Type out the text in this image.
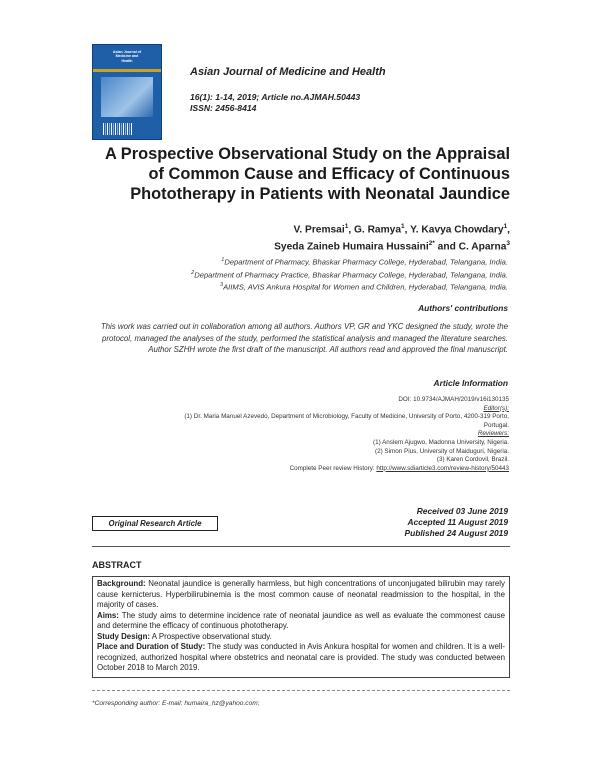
Asian Journal of
Medicine and
Health
Asian Journal of Medicine and Health
16(1): 1-14, 2019; Article no.AJMAH.50443
ISSN: 2456-8414
A Prospective Observational Study on the Appraisal
of Common Cause and Efficacy of Continuous
Phototherapy in Patients with Neonatal Jaundice
V. Premsai$^1$, G. Ramya$^1$, Y. Kavya Chowdary$^1$,
Syeda Zaineb Humaira Hussaini$^{2*}$ and C. Aparna$^3$
$^1$Department of Pharmacy, Bhaskar Pharmacy College, Hyderabad, Telangana, India.
$^2$Department of Pharmacy Practice, Bhaskar Pharmacy College, Hyderabad, Telangana, India.
$^3$AIIMS, AVIS Ankura Hospital for Women and Children, Hyderabad, Telangana, India.
Authors' contributions
This work was carried out in collaboration among all authors. Authors VP, GR and YKC designed the study, wrote the protocol, managed the analyses of the study, performed the statistical analysis and managed the literature searches. Author SZHH wrote the first draft of the manuscript. All authors read and approved the final manuscript.
Article Information
DOI: 10.9734/AJMAH/2019/v16i130135
Editor(s):
(1) Dr. Maria Manuel Azevedo, Department of Microbiology, Faculty of Medicine, University of Porto, 4200-319 Porto,
Portugal.
Reviewers:
(1) Anslem Ajugwo, Madonna University, Nigeria.
(2) Simon Pius, University of Maiduguri, Nigeria.
(3) Karen Cordovil, Brazil.
Complete Peer review History: http://www.sdiarticle3.com/review-history/50443
Received 03 June 2019
Accepted 11 August 2019
Published 24 August 2019
Original Research Article
ABSTRACT

Background: Neonatal jaundice is generally harmless, but high concentrations of unconjugated bilirubin may rarely cause kernicterus. Hyperbilirubinemia is the most common cause of neonatal readmission to the hospital, in the majority of cases.

Aims: The study aims to determine incidence rate of neonatal jaundice as well as evaluate the commonest cause and determine the efficacy of continuous phototherapy.

Study Design: A Prospective observational study.

Place and Duration of Study: The study was conducted in Avis Ankura hospital for women and children. It is a well-recognized, authorized hospital where obstetrics and neonatal care is provided. The study was conducted between October 2018 to March 2019.

*Corresponding author: E-mail: humaira_hz@yahoo.com;
